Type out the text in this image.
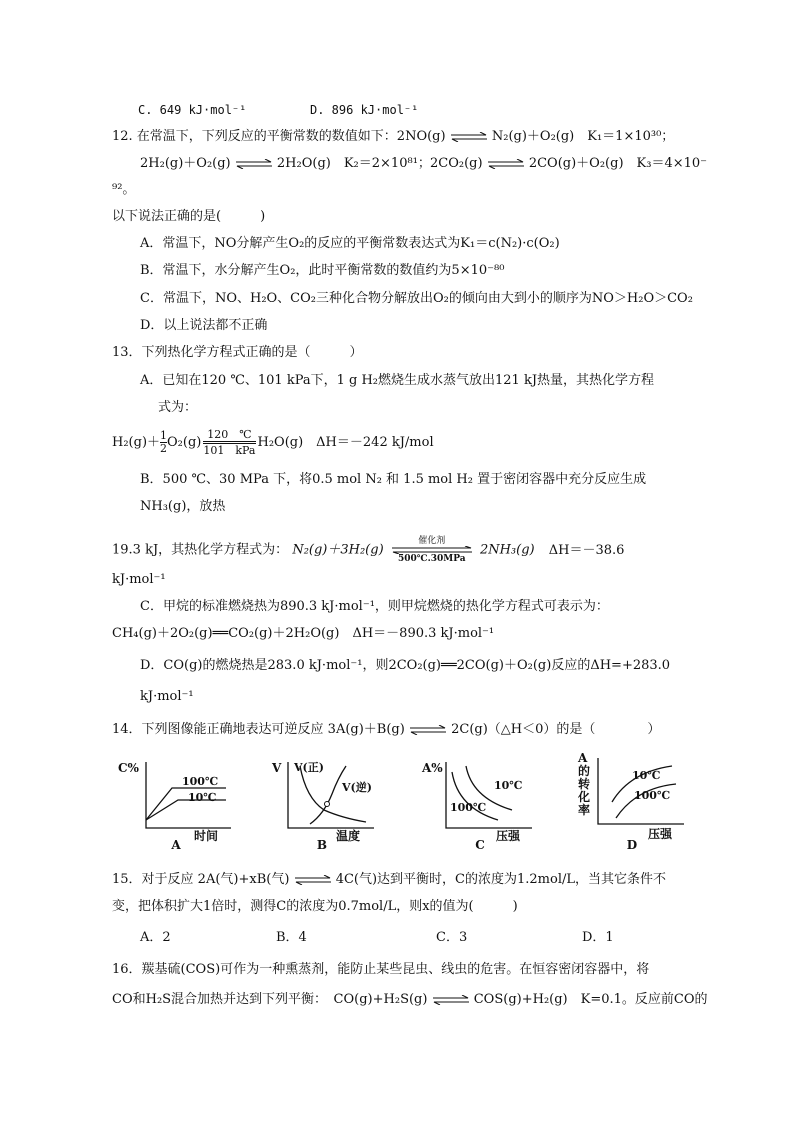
C. 649 kJ·mol⁻¹	D. 896 kJ·mol⁻¹
12. 在常温下，下列反应的平衡常数的数值如下：2NO(g) ⇌ N₂(g)＋O₂(g)　K₁＝1×10³⁰；
2H₂(g)＋O₂(g) ⇌ 2H₂O(g)　K₂＝2×10⁸¹； 2CO₂(g) ⇌ 2CO(g)＋O₂(g)　K₃＝4×10⁻
⁹²。
以下说法正确的是(　　　)
A．常温下，NO分解产生O₂的反应的平衡常数表达式为K₁＝c(N₂)·c(O₂)
B．常温下，水分解产生O₂，此时平衡常数的数值约为5×10⁻⁸⁰
C．常温下，NO、H₂O、CO₂三种化合物分解放出O₂的倾向由大到小的顺序为NO＞H₂O＞CO₂
D．以上说法都不正确
13．下列热化学方程式正确的是（　　　）
A．已知在120 ℃、101 kPa下，1 g H₂燃烧生成水蒸气放出121 kJ热量，其热化学方程
式为：
$H_2(g)+ \frac{1}{2} O_2(g)$
120　℃
101　kPa
H₂O(g)　ΔH＝－242 kJ/mol
B．500 ℃、30 MPa 下，将0.5 mol N₂ 和 1.5 mol H₂ 置于密闭容器中充分反应生成
NH₃(g)，放热
19.3 kJ，其热化学方程式为： N₂(g)＋3H₂(g)
催化剂
500℃.30MPa
2NH₃(g) ΔH＝－38.6
kJ·mol⁻¹
C．甲烷的标准燃烧热为890.3 kJ·mol⁻¹，则甲烷燃烧的热化学方程式可表示为：
CH₄(g)＋2O₂(g)══CO₂(g)＋2H₂O(g)　ΔH＝－890.3 kJ·mol⁻¹
D．CO(g)的燃烧热是283.0 kJ·mol⁻¹，则2CO₂(g)══2CO(g)＋O₂(g)反应的ΔH=+283.0
kJ·mol⁻¹
14．下列图像能正确地表达可逆反应 3A(g)＋B(g) ⇌ 2C(g)（△H＜0）的是（　　　　）
C%
100℃
10℃
时间
A
V V(正)
V(逆)
温度
B
A%
10℃
100℃
压强
C
A的转化率
10℃
100℃
压强
D
15．对于反应 2A(气)+xB(气) ⇌ 4C(气)达到平衡时，C的浓度为1.2mol/L，当其它条件不
变，把体积扩大1倍时，测得C的浓度为0.7mol/L，则x的值为(　　　)
A．2	B．4	C．3	D．1
16．羰基硫(COS)可作为一种熏蒸剂，能防止某些昆虫、线虫的危害。在恒容密闭容器中，将
CO和H₂S混合加热并达到下列平衡：　CO(g)+H₂S(g) ⇌ COS(g)+H₂(g)　K=0.1。反应前CO的
